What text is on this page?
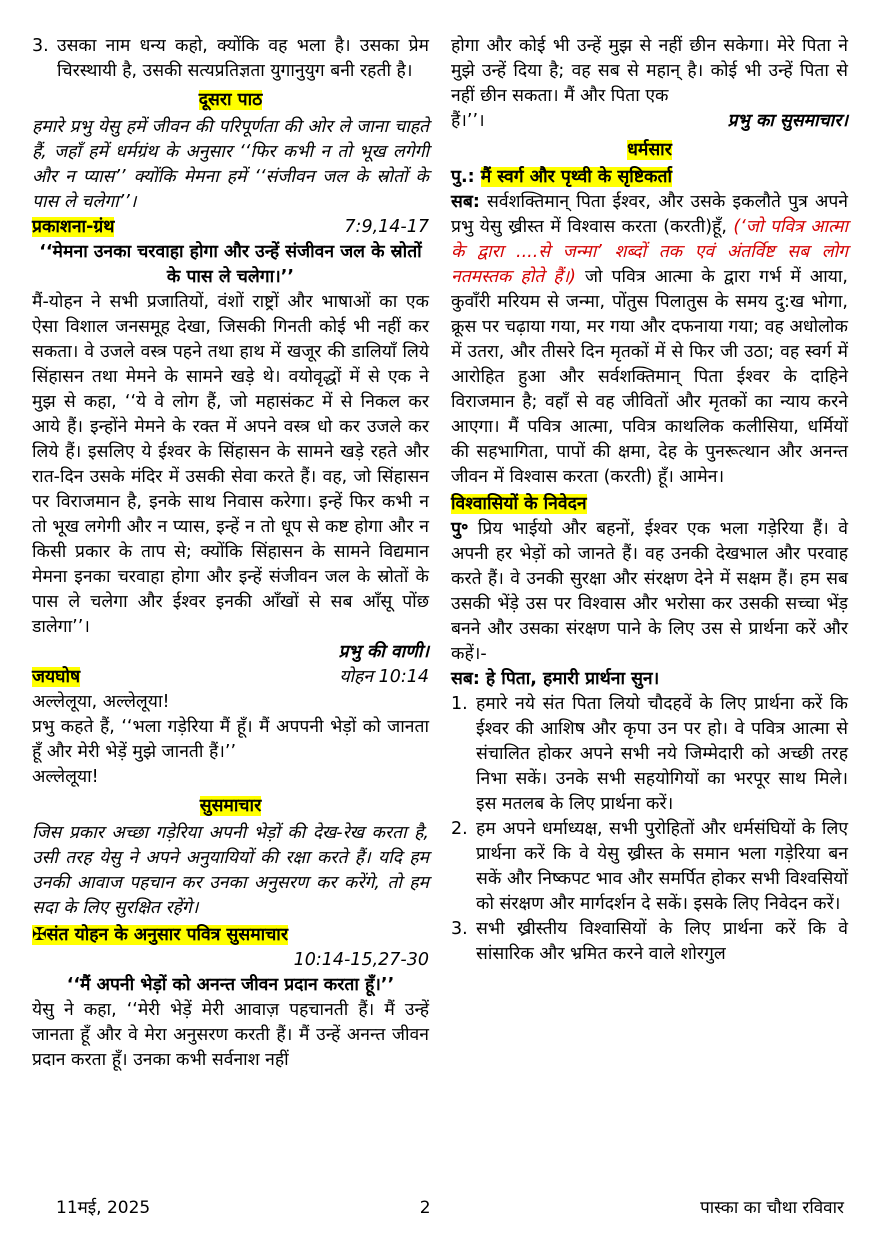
3. उसका नाम धन्य कहो, क्योंकि वह भला है। उसका प्रेम चिरस्थायी है, उसकी सत्यप्रतिज्ञता युगानुयुग बनी रहती है।
दूसरा पाठ

हमारे प्रभु येसु हमें जीवन की परिपूर्णता की ओर ले जाना चाहते हैं, जहाँ हमें धर्मग्रंथ के अनुसार ‘‘फिर कभी न तो भूख लगेगी और न प्यास’’ क्योंकि मेमना हमें ‘‘संजीवन जल के स्रोतों के पास ले चलेगा’’।

प्रकाशना-ग्रंथ	7:9,14-17

‘‘मेमना उनका चरवाहा होगा और उन्हें संजीवन जल के स्रोतों के पास ले चलेगा।’’

मैं-योहन ने सभी प्रजातियों, वंशों राष्ट्रों और भाषाओं का एक ऐसा विशाल जनसमूह देखा, जिसकी गिनती कोई भी नहीं कर सकता। वे उजले वस्त्र पहने तथा हाथ में खजूर की डालियाँ लिये सिंहासन तथा मेमने के सामने खड़े थे। वयोवृद्धों में से एक ने मुझ से कहा, ‘‘ये वे लोग हैं, जो महासंकट में से निकल कर आये हैं। इन्होंने मेमने के रक्त में अपने वस्त्र धो कर उजले कर लिये हैं। इसलिए ये ईश्वर के सिंहासन के सामने खड़े रहते और रात-दिन उसके मंदिर में उसकी सेवा करते हैं। वह, जो सिंहासन पर विराजमान है, इनके साथ निवास करेगा। इन्हें फिर कभी न तो भूख लगेगी और न प्यास, इन्हें न तो धूप से कष्ट होगा और न किसी प्रकार के ताप से; क्योंकि सिंहासन के सामने विद्यमान मेमना इनका चरवाहा होगा और इन्हें संजीवन जल के स्रोतों के पास ले चलेगा और ईश्वर इनकी आँखों से सब आँसू पोंछ डालेगा’’।

प्रभु की वाणी।

जयघोष	योहन 10:14

अल्लेलूया, अल्लेलूया!

प्रभु कहते हैं, ‘‘भला गड़ेरिया मैं हूँ। मैं अपपनी भेड़ों को जानता हूँ और मेरी भेड़ें मुझे जानती हैं।’’

अल्लेलूया!

सुसमाचार

जिस प्रकार अच्छा गड़ेरिया अपनी भेड़ों की देख-रेख करता है, उसी तरह येसु ने अपने अनुयायियों की रक्षा करते हैं। यदि हम उनकी आवाज पहचान कर उनका अनुसरण कर करेंगे, तो हम सदा के लिए सुरक्षित रहेंगे।

✠संत योहन के अनुसार पवित्र सुसमाचार

10:14-15,27-30

‘‘मैं अपनी भेड़ों को अनन्त जीवन प्रदान करता हूँ।’’

येसु ने कहा, ‘‘मेरी भेड़ें मेरी आवाज़ पहचानती हैं। मैं उन्हें जानता हूँ और वे मेरा अनुसरण करती हैं। मैं उन्हें अनन्त जीवन प्रदान करता हूँ। उनका कभी सर्वनाश नहीं

होगा और कोई भी उन्हें मुझ से नहीं छीन सकेगा। मेरे पिता ने मुझे उन्हें दिया है; वह सब से महान् है। कोई भी उन्हें पिता से नहीं छीन सकता। मैं और पिता एक

हैं।’’।	प्रभु का सुसमाचार।
धर्मसार
पु.: मैं स्वर्ग और पृथ्वी के सृष्टिकर्ता

सब: सर्वशक्तिमान् पिता ईश्वर, और उसके इकलौते पुत्र अपने प्रभु येसु ख्रीस्त में विश्वास करता (करती)हूँ, (‘जो पवित्र आत्मा के द्वारा ....से जन्मा’ शब्दों तक एवं अंतर्विष्ट सब लोग नतमस्तक होते हैं।) जो पवित्र आत्मा के द्वारा गर्भ में आया, कुवाँरी मरियम से जन्मा, पोंतुस पिलातुस के समय दु:ख भोगा, क्रूस पर चढ़ाया गया, मर गया और दफनाया गया; वह अधोलोक में उतरा, और तीसरे दिन मृतकों में से फिर जी उठा; वह स्वर्ग में आरोहित हुआ और सर्वशक्तिमान् पिता ईश्वर के दाहिने विराजमान है; वहाँ से वह जीवितों और मृतकों का न्याय करने आएगा। मैं पवित्र आत्मा, पवित्र काथलिक कलीसिया, धर्मियों की सहभागिता, पापों की क्षमा, देह के पुनरूत्थान और अनन्त जीवन में विश्वास करता (करती) हूँ। आमेन।

विश्वासियों के निवेदन

पु॰ प्रिय भाईयो और बहनों, ईश्वर एक भला गड़ेरिया हैं। वे अपनी हर भेड़ों को जानते हैं। वह उनकी देखभाल और परवाह करते हैं। वे उनकी सुरक्षा और संरक्षण देने में सक्षम हैं। हम सब उसकी भेंड़े उस पर विश्वास और भरोसा कर उसकी सच्चा भेंड़ बनने और उसका संरक्षण पाने के लिए उस से प्रार्थना करें और कहें।-

सब: हे पिता, हमारी प्रार्थना सुन।

1. हमारे नये संत पिता लियो चौदहवें के लिए प्रार्थना करें कि ईश्वर की आशिष और कृपा उन पर हो। वे पवित्र आत्मा से संचालित होकर अपने सभी नये जिम्मेदारी को अच्छी तरह निभा सकें। उनके सभी सहयोगियों का भरपूर साथ मिले। इस मतलब के लिए प्रार्थना करें।
2. हम अपने धर्माध्यक्ष, सभी पुरोहितों और धर्मसंघियों के लिए प्रार्थना करें कि वे येसु ख्रीस्त के समान भला गड़ेरिया बन सकें और निष्कपट भाव और समर्पित होकर सभी विश्वसियों को संरक्षण और मार्गदर्शन दे सकें। इसके लिए निवेदन करें।
3. सभी ख्रीस्तीय विश्वासियों के लिए प्रार्थना करें कि वे सांसारिक और भ्रमित करने वाले शोरगुल
11मई, 2025	2	पास्का का चौथा रविवार
